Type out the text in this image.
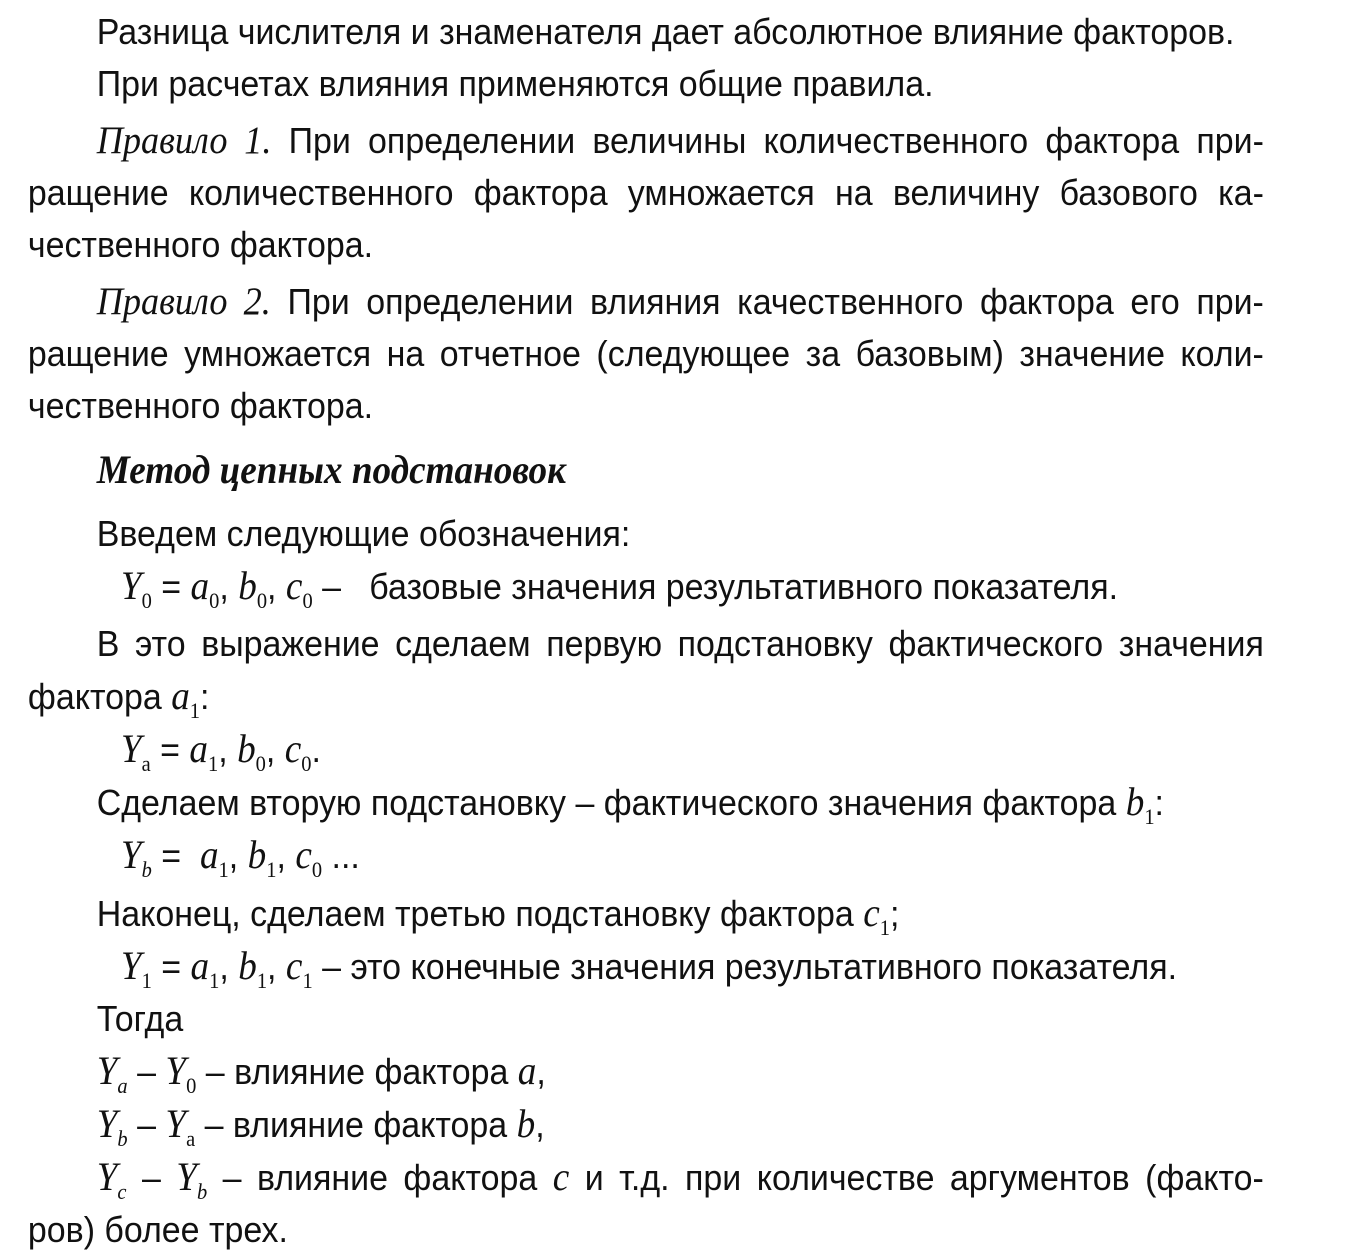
Разница числителя и знаменателя дает абсолютное влияние факторов.
При расчетах влияния применяются общие правила.

Правило 1. При определении величины количественного фактора при-
ращение количественного фактора умножается на величину базового ка-
чественного фактора.

Правило 2. При определении влияния качественного фактора его при-
ращение умножается на отчетное (следующее за базовым) значение коли-
чественного фактора.

Метод цепных подстановок

Введем следующие обозначения:

$Y_0 = a_0$, $b_0$, $c_0$ –   базовые значения результативного показателя.

В это выражение сделаем первую подстановку фактического значения
фактора $a_1$:

$Y_a = a_1$, $b_0$, $c_0$.

Сделаем вторую подстановку – фактического значения фактора $b_1$:

$Y_b = a_1$, $b_1$, $c_0$ ...

Наконец, сделаем третью подстановку фактора $c_1$;

$Y_1 = a_1$, $b_1$, $c_1$ – это конечные значения результативного показателя.

Тогда

$Y_a - Y_0$ – влияние фактора a,

$Y_b - Y_a$ – влияние фактора b,

$Y_c - Y_b$ – влияние фактора c и т.д. при количестве аргументов (факто-
ров) более трех.
